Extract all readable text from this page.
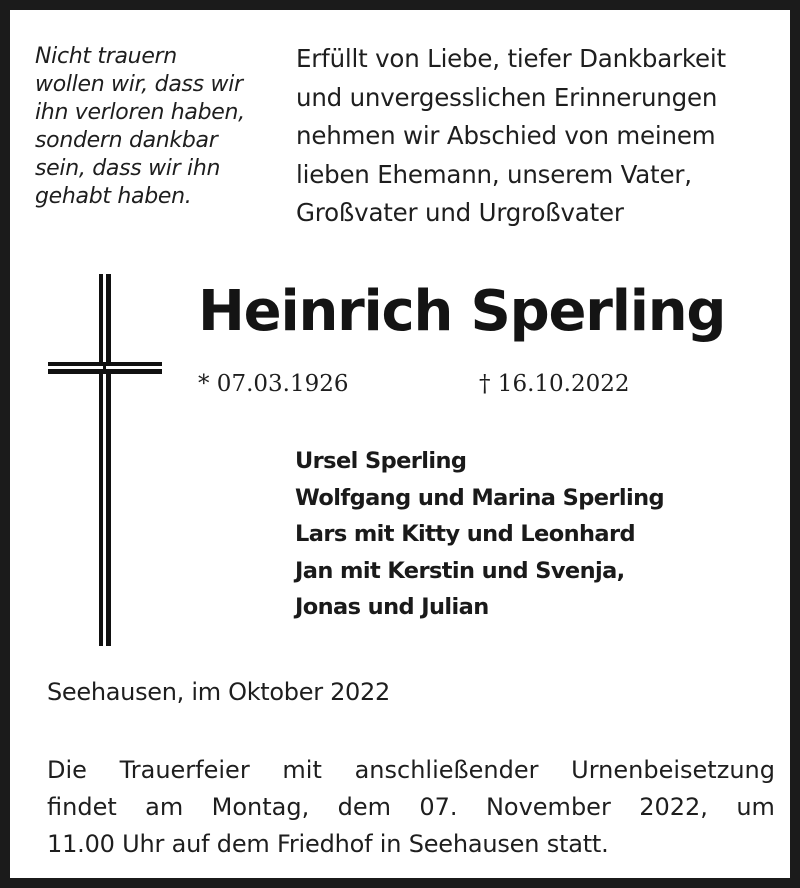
Nicht trauern
wollen wir, dass wir
ihn verloren haben,
sondern dankbar
sein, dass wir ihn
gehabt haben.
Erfüllt von Liebe, tiefer Dankbarkeit
und unvergesslichen Erinnerungen
nehmen wir Abschied von meinem
lieben Ehemann, unserem Vater,
Großvater und Urgroßvater
Heinrich Sperling
* 07.03.1926	† 16.10.2022
Ursel Sperling
Wolfgang und Marina Sperling
Lars mit Kitty und Leonhard
Jan mit Kerstin und Svenja,
Jonas und Julian
Seehausen, im Oktober 2022
Die Trauerfeier mit anschließender Urnenbeisetzung
findet am Montag, dem 07. November 2022, um
11.00 Uhr auf dem Friedhof in Seehausen statt.
